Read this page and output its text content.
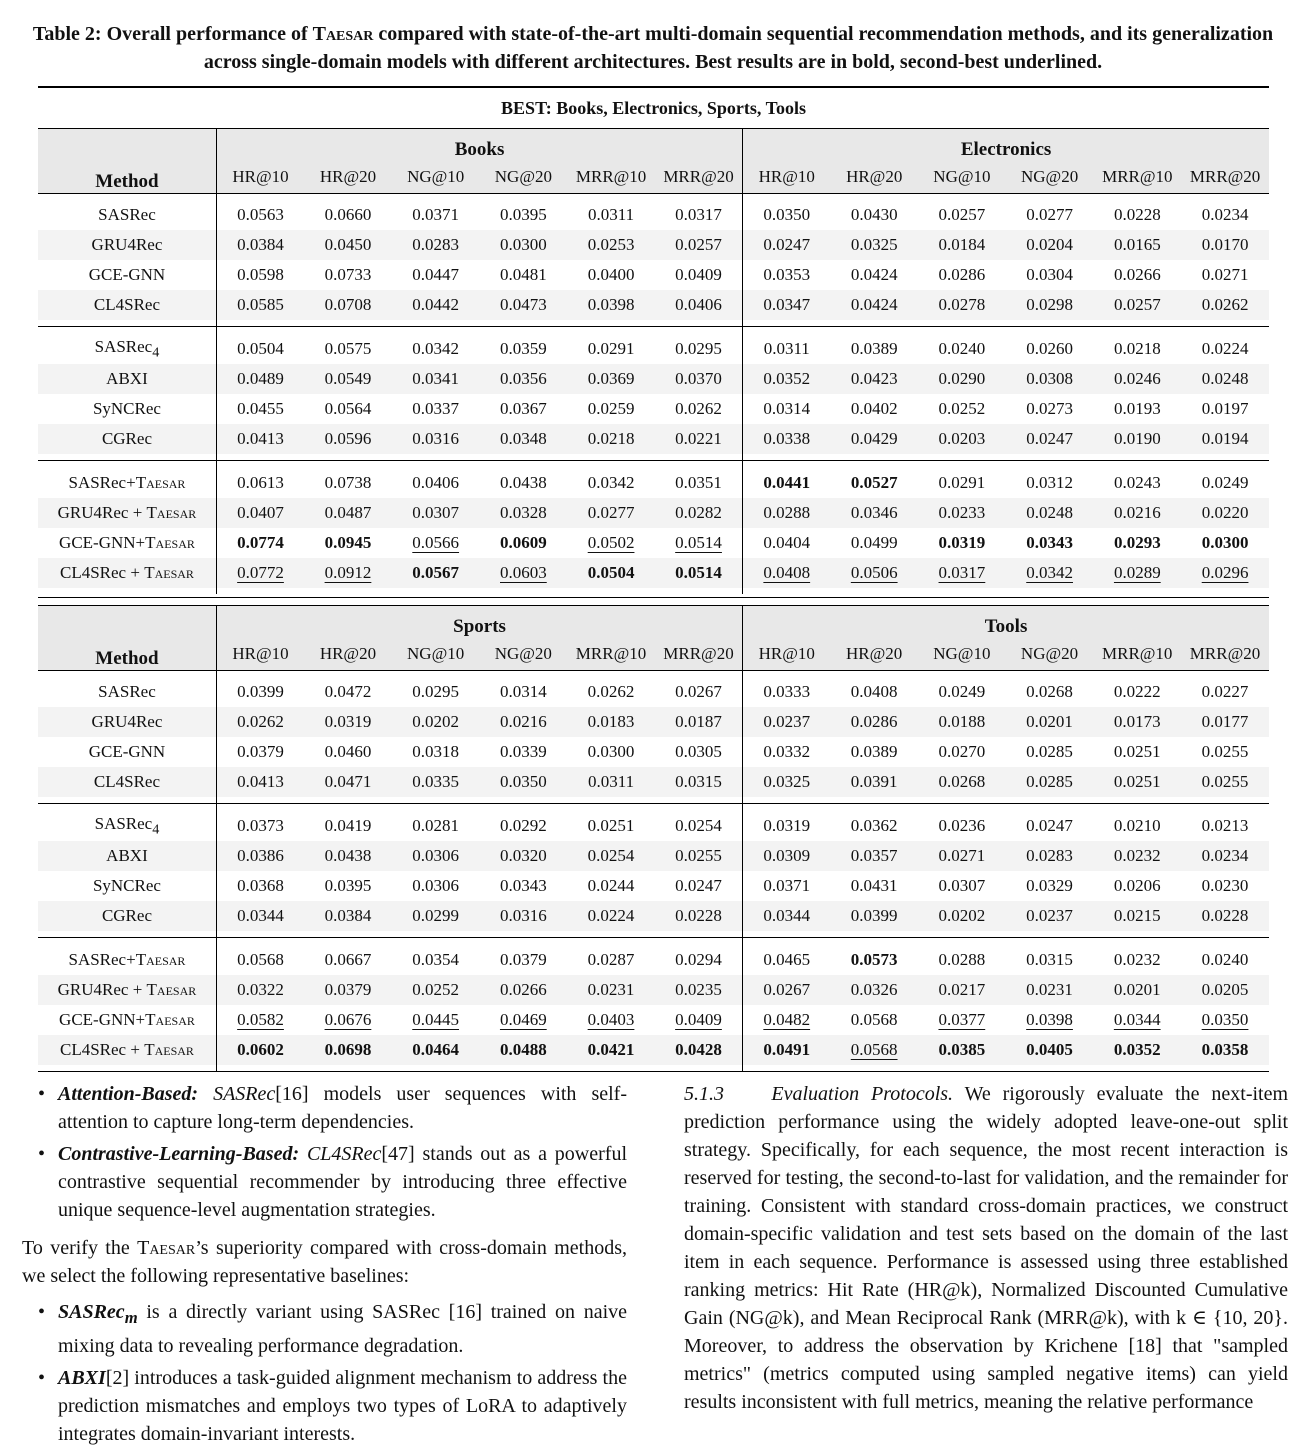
Table 2: Overall performance of Taesar compared with state-of-the-art multi-domain sequential recommendation methods, and its generalization across single-domain models with different architectures. Best results are in bold, second-best underlined.
BEST: Books, Electronics, Sports, Tools
Method	Books						Electronics					
	HR@10	HR@20	NG@10	NG@20	MRR@10	MRR@20	HR@10	HR@20	NG@10	NG@20	MRR@10	MRR@20

SASRec	0.0563	0.0660	0.0371	0.0395	0.0311	0.0317	0.0350	0.0430	0.0257	0.0277	0.0228	0.0234
GRU4Rec	0.0384	0.0450	0.0283	0.0300	0.0253	0.0257	0.0247	0.0325	0.0184	0.0204	0.0165	0.0170
GCE-GNN	0.0598	0.0733	0.0447	0.0481	0.0400	0.0409	0.0353	0.0424	0.0286	0.0304	0.0266	0.0271
CL4SRec	0.0585	0.0708	0.0442	0.0473	0.0398	0.0406	0.0347	0.0424	0.0278	0.0298	0.0257	0.0262

SASRec$_4$	0.0504	0.0575	0.0342	0.0359	0.0291	0.0295	0.0311	0.0389	0.0240	0.0260	0.0218	0.0224
ABXI	0.0489	0.0549	0.0341	0.0356	0.0369	0.0370	0.0352	0.0423	0.0290	0.0308	0.0246	0.0248
SyNCRec	0.0455	0.0564	0.0337	0.0367	0.0259	0.0262	0.0314	0.0402	0.0252	0.0273	0.0193	0.0197
CGRec	0.0413	0.0596	0.0316	0.0348	0.0218	0.0221	0.0338	0.0429	0.0203	0.0247	0.0190	0.0194

SASRec+Taesar	0.0613	0.0738	0.0406	0.0438	0.0342	0.0351	0.0441	0.0527	0.0291	0.0312	0.0243	0.0249
GRU4Rec + Taesar	0.0407	0.0487	0.0307	0.0328	0.0277	0.0282	0.0288	0.0346	0.0233	0.0248	0.0216	0.0220
GCE-GNN+Taesar	0.0774	0.0945	0.0566	0.0609	0.0502	0.0514	0.0404	0.0499	0.0319	0.0343	0.0293	0.0300
CL4SRec + Taesar	0.0772	0.0912	0.0567	0.0603	0.0504	0.0514	0.0408	0.0506	0.0317	0.0342	0.0289	0.0296

Method	Sports						Tools					
	HR@10	HR@20	NG@10	NG@20	MRR@10	MRR@20	HR@10	HR@20	NG@10	NG@20	MRR@10	MRR@20

SASRec	0.0399	0.0472	0.0295	0.0314	0.0262	0.0267	0.0333	0.0408	0.0249	0.0268	0.0222	0.0227
GRU4Rec	0.0262	0.0319	0.0202	0.0216	0.0183	0.0187	0.0237	0.0286	0.0188	0.0201	0.0173	0.0177
GCE-GNN	0.0379	0.0460	0.0318	0.0339	0.0300	0.0305	0.0332	0.0389	0.0270	0.0285	0.0251	0.0255
CL4SRec	0.0413	0.0471	0.0335	0.0350	0.0311	0.0315	0.0325	0.0391	0.0268	0.0285	0.0251	0.0255

SASRec$_4$	0.0373	0.0419	0.0281	0.0292	0.0251	0.0254	0.0319	0.0362	0.0236	0.0247	0.0210	0.0213
ABXI	0.0386	0.0438	0.0306	0.0320	0.0254	0.0255	0.0309	0.0357	0.0271	0.0283	0.0232	0.0234
SyNCRec	0.0368	0.0395	0.0306	0.0343	0.0244	0.0247	0.0371	0.0431	0.0307	0.0329	0.0206	0.0230
CGRec	0.0344	0.0384	0.0299	0.0316	0.0224	0.0228	0.0344	0.0399	0.0202	0.0237	0.0215	0.0228

SASRec+Taesar	0.0568	0.0667	0.0354	0.0379	0.0287	0.0294	0.0465	0.0573	0.0288	0.0315	0.0232	0.0240
GRU4Rec + Taesar	0.0322	0.0379	0.0252	0.0266	0.0231	0.0235	0.0267	0.0326	0.0217	0.0231	0.0201	0.0205
GCE-GNN+Taesar	0.0582	0.0676	0.0445	0.0469	0.0403	0.0409	0.0482	0.0568	0.0377	0.0398	0.0344	0.0350
CL4SRec + Taesar	0.0602	0.0698	0.0464	0.0488	0.0421	0.0428	0.0491	0.0568	0.0385	0.0405	0.0352	0.0358

• Attention-Based: SASRec[16] models user sequences with self-attention to capture long-term dependencies.
• Contrastive-Learning-Based: CL4SRec[47] stands out as a powerful contrastive sequential recommender by introducing three effective unique sequence-level augmentation strategies.
To verify the Taesar’s superiority compared with cross-domain methods, we select the following representative baselines:
• SASRec$_m$ is a directly variant using SASRec [16] trained on naive mixing data to revealing performance degradation.
• ABXI[2] introduces a task-guided alignment mechanism to address the prediction mismatches and employs two types of LoRA to adaptively integrates domain-invariant interests.
5.1.3 Evaluation Protocols. We rigorously evaluate the next-item prediction performance using the widely adopted leave-one-out split strategy. Specifically, for each sequence, the most recent interaction is reserved for testing, the second-to-last for validation, and the remainder for training. Consistent with standard cross-domain practices, we construct domain-specific validation and test sets based on the domain of the last item in each sequence. Performance is assessed using three established ranking metrics: Hit Rate (HR@k), Normalized Discounted Cumulative Gain (NG@k), and Mean Reciprocal Rank (MRR@k), with k ∈ {10, 20}. Moreover, to address the observation by Krichene [18] that "sampled metrics" (metrics computed using sampled negative items) can yield results inconsistent with full metrics, meaning the relative performance
